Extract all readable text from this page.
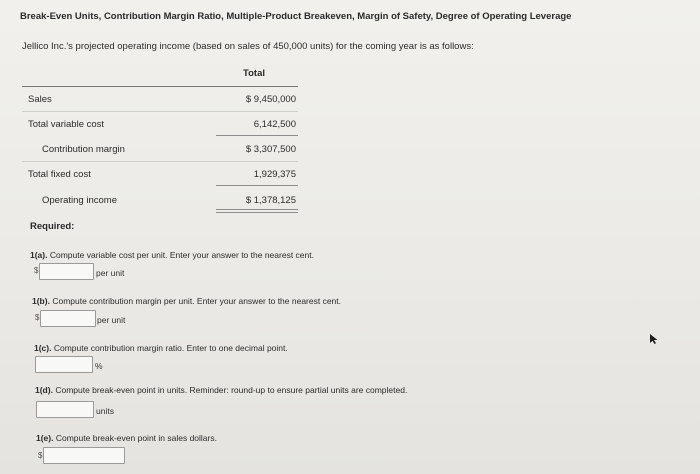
Break-Even Units, Contribution Margin Ratio, Multiple-Product Breakeven, Margin of Safety, Degree of Operating Leverage
Jellico Inc.'s projected operating income (based on sales of 450,000 units) for the coming year is as follows:
Total
Sales	$ 9,450,000
Total variable cost	6,142,500
Contribution margin	$ 3,307,500
Total fixed cost	1,929,375
Operating income	$ 1,378,125
Required:
1(a). Compute variable cost per unit. Enter your answer to the nearest cent.
$	per unit
1(b). Compute contribution margin per unit. Enter your answer to the nearest cent.
$	per unit
1(c). Compute contribution margin ratio. Enter to one decimal point.
%
1(d). Compute break-even point in units. Reminder: round-up to ensure partial units are completed.
units
1(e). Compute break-even point in sales dollars.
$
